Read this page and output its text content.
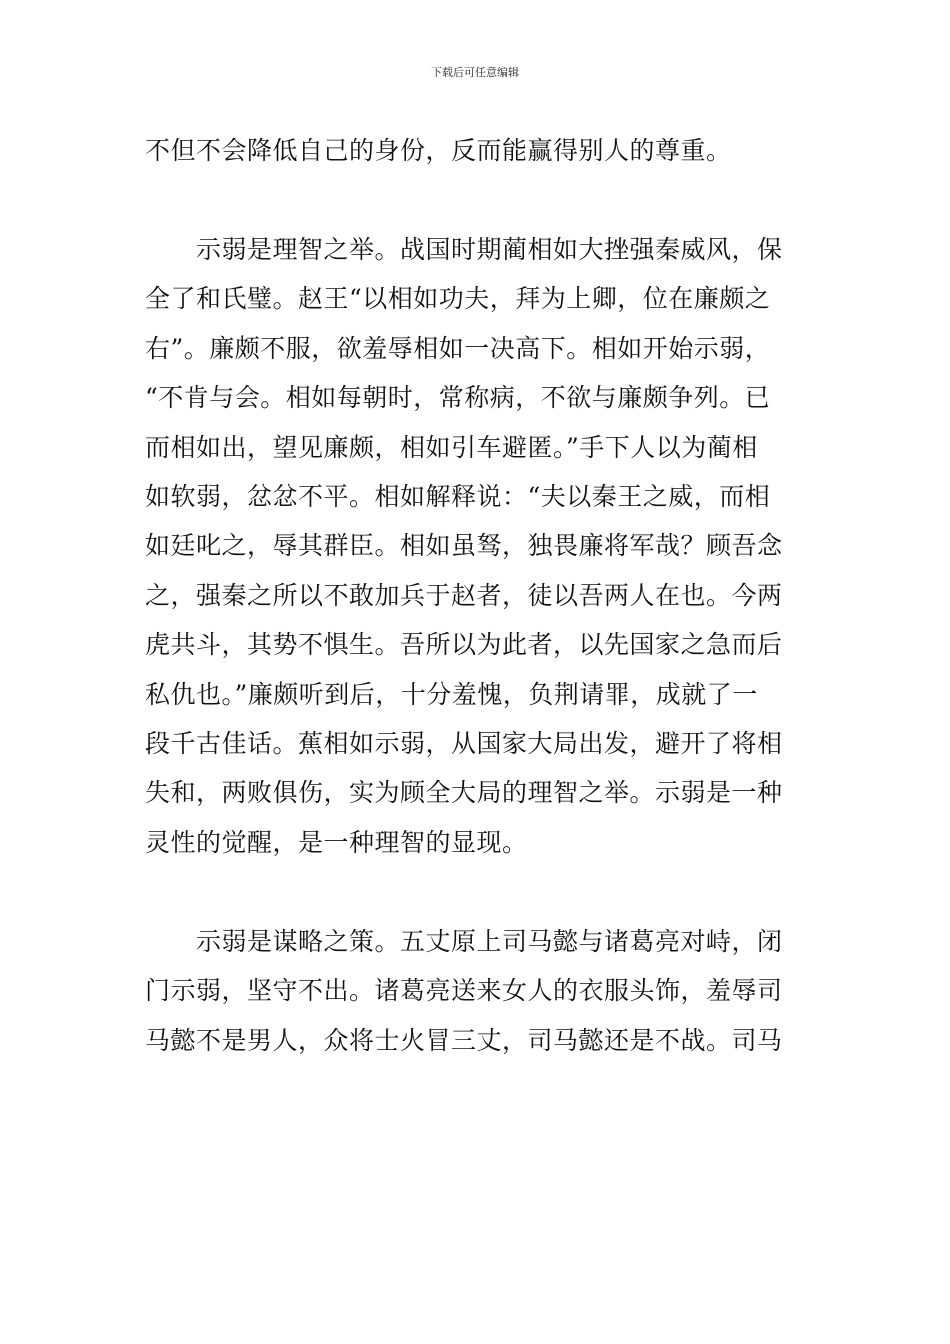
下载后可任意编辑
不但不会降低自己的身份，反而能赢得别人的尊重。
　　示弱是理智之举。战国时期蔺相如大挫强秦威风，保
全了和氏璧。赵王“以相如功夫，拜为上卿，位在廉颇之
右”。廉颇不服，欲羞辱相如一决高下。相如开始示弱，
“不肯与会。相如每朝时，常称病，不欲与廉颇争列。已
而相如出，望见廉颇，相如引车避匿。”手下人以为蔺相
如软弱，忿忿不平。相如解释说：“夫以秦王之威，而相
如廷叱之，辱其群臣。相如虽驽，独畏廉将军哉？顾吾念
之，强秦之所以不敢加兵于赵者，徒以吾两人在也。今两
虎共斗，其势不惧生。吾所以为此者，以先国家之急而后
私仇也。”廉颇听到后，十分羞愧，负荆请罪，成就了一
段千古佳话。蕉相如示弱，从国家大局出发，避开了将相
失和，两败俱伤，实为顾全大局的理智之举。示弱是一种
灵性的觉醒，是一种理智的显现。
　　示弱是谋略之策。五丈原上司马懿与诸葛亮对峙，闭
门示弱，坚守不出。诸葛亮送来女人的衣服头饰，羞辱司
马懿不是男人，众将士火冒三丈，司马懿还是不战。司马
